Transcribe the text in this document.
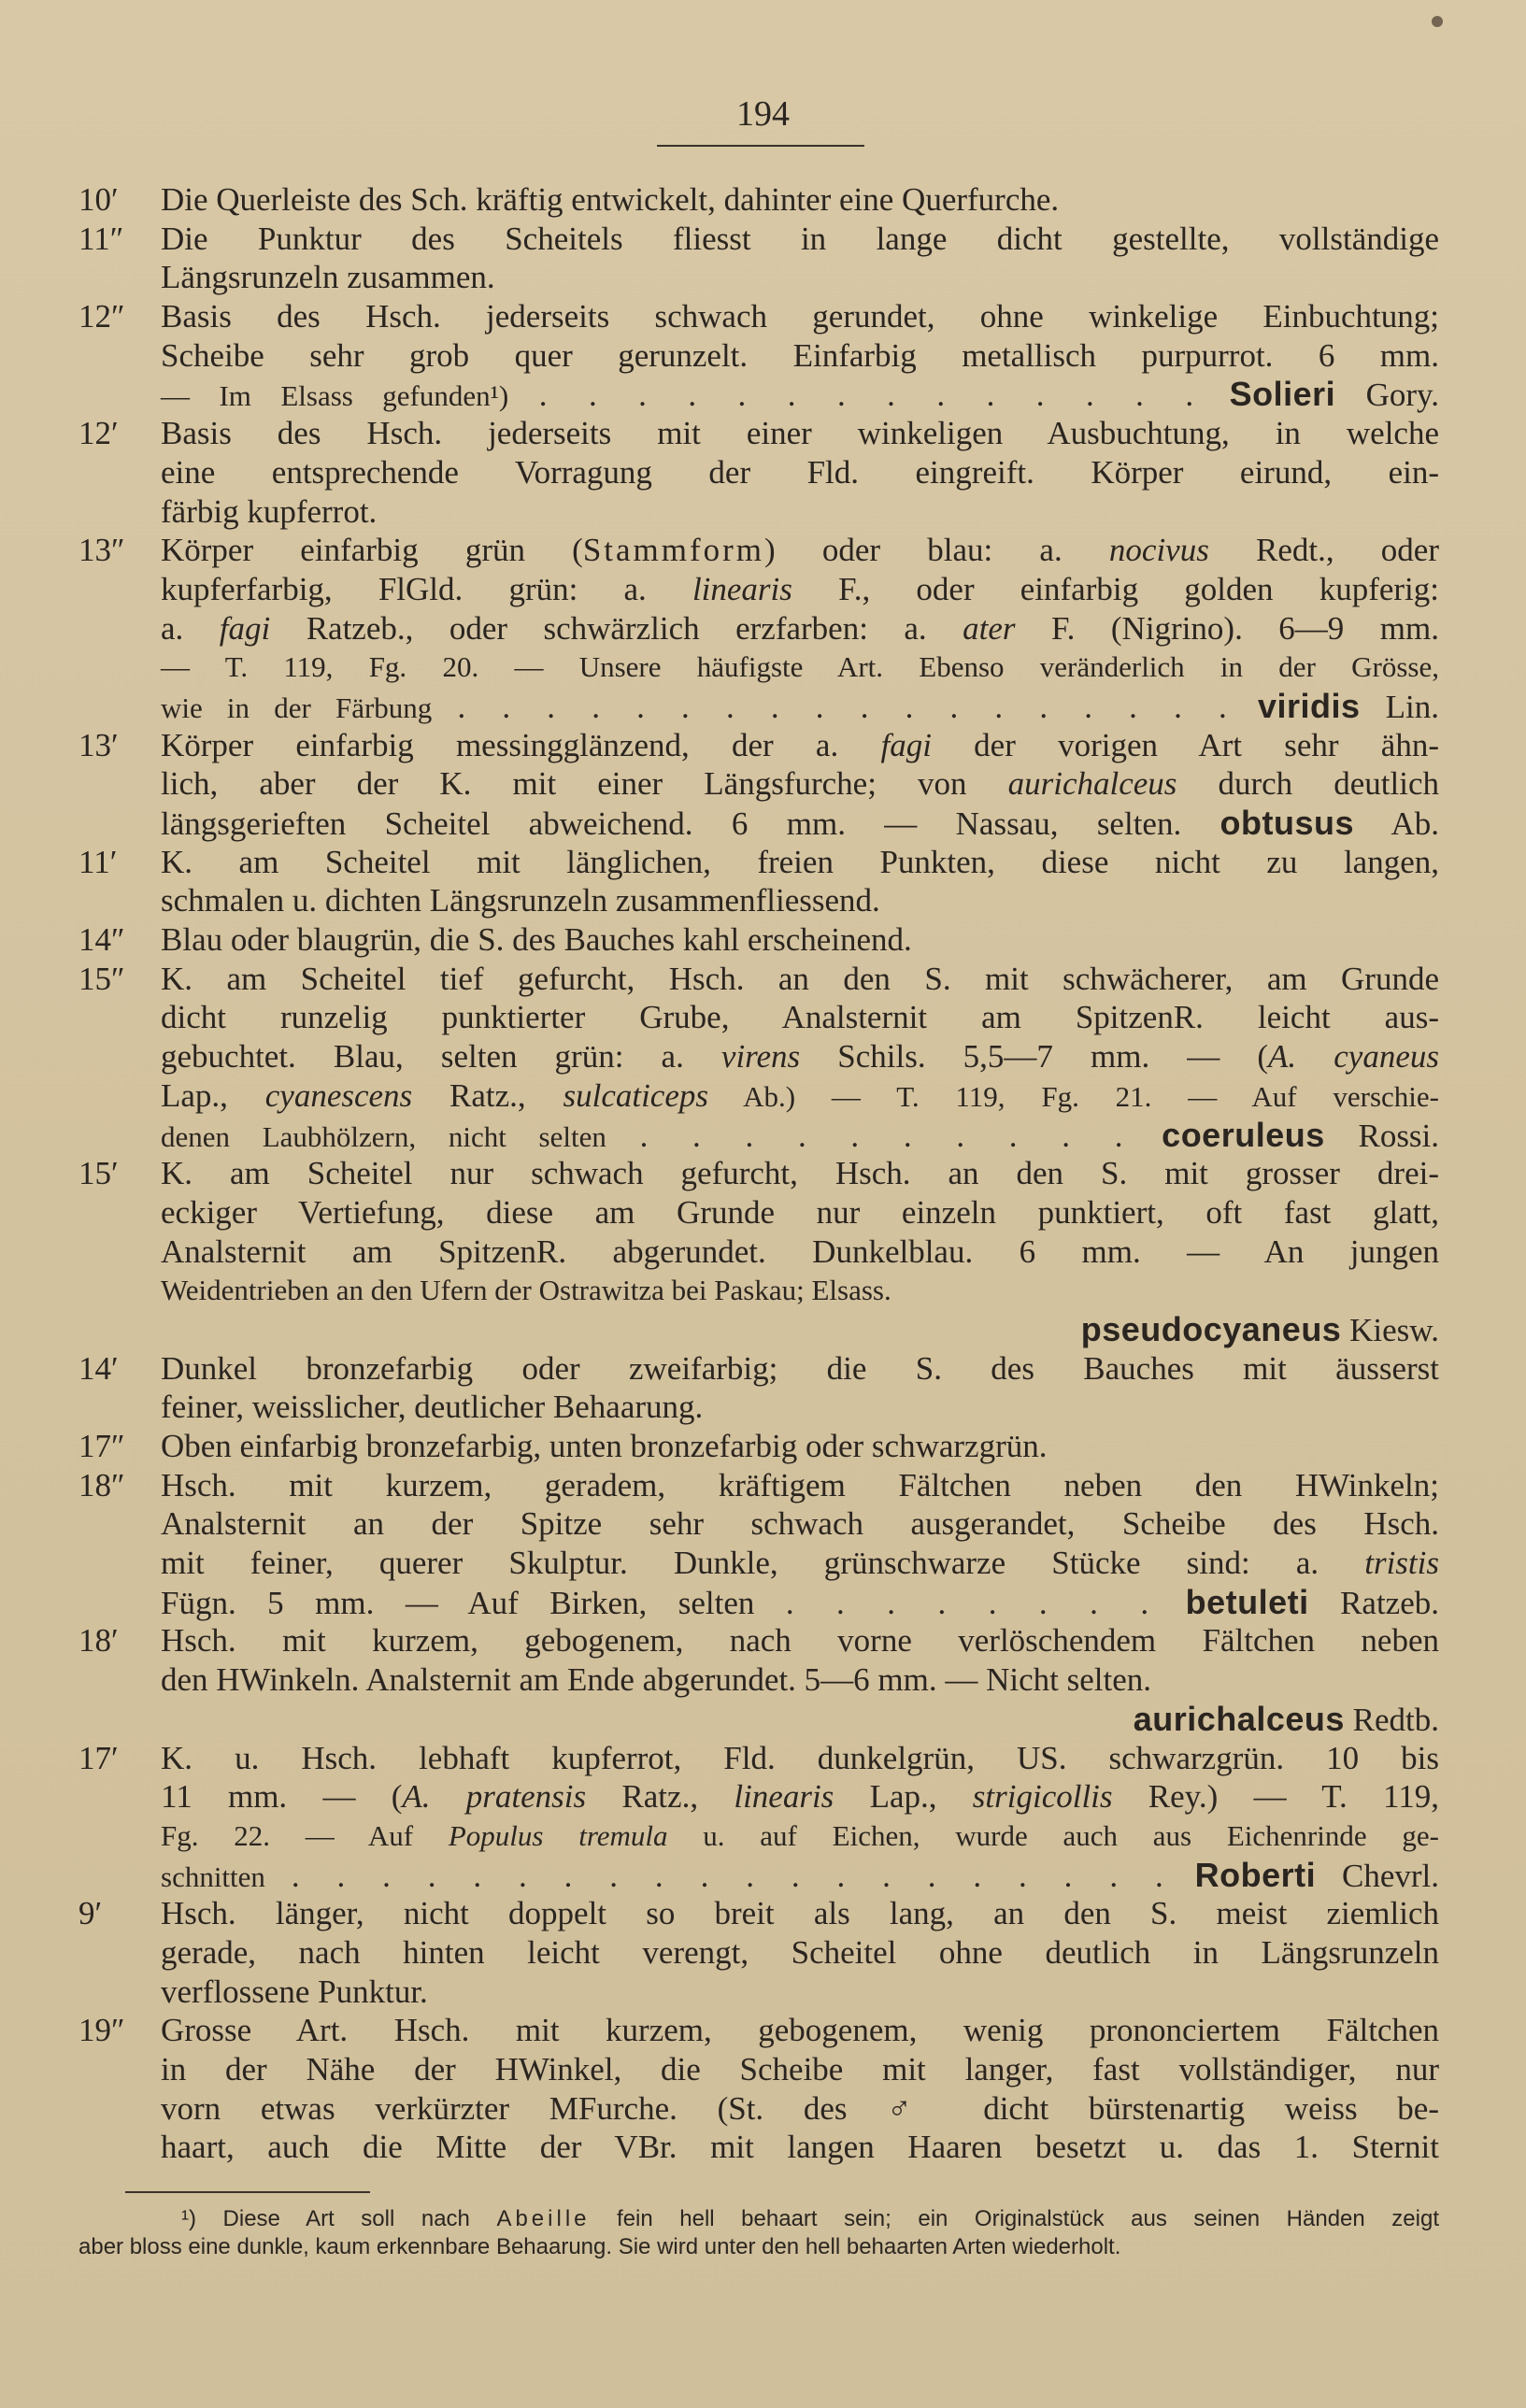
194
10′ Die Querleiste des Sch. kräftig entwickelt, dahinter eine Querfurche.
11″ Die Punktur des Scheitels fliesst in lange dicht gestellte, vollständige
Längsrunzeln zusammen.
12″ Basis des Hsch. jederseits schwach gerundet, ohne winkelige Einbuchtung;
Scheibe sehr grob quer gerunzelt. Einfarbig metallisch purpurrot. 6 mm.
— Im Elsass gefunden¹) . . . . . . . . . . . . . . Solieri Gory.
12′ Basis des Hsch. jederseits mit einer winkeligen Ausbuchtung, in welche
eine entsprechende Vorragung der Fld. eingreift. Körper eirund, ein-
färbig kupferrot.
13″ Körper einfarbig grün (Stammform) oder blau: a. nocivus Redt., oder
kupferfarbig, FlGld. grün: a. linearis F., oder einfarbig golden kupferig:
a. fagi Ratzeb., oder schwärzlich erzfarben: a. ater F. (Nigrino). 6—9 mm.
— T. 119, Fg. 20. — Unsere häufigste Art. Ebenso veränderlich in der Grösse,
wie in der Färbung . . . . . . . . . . . . . . . . . . viridis Lin.
13′ Körper einfarbig messingglänzend, der a. fagi der vorigen Art sehr ähn-
lich, aber der K. mit einer Längsfurche; von aurichalceus durch deutlich
längsgerieften Scheitel abweichend. 6 mm. — Nassau, selten. obtusus Ab.
11′ K. am Scheitel mit länglichen, freien Punkten, diese nicht zu langen,
schmalen u. dichten Längsrunzeln zusammenfliessend.
14″ Blau oder blaugrün, die S. des Bauches kahl erscheinend.
15″ K. am Scheitel tief gefurcht, Hsch. an den S. mit schwächerer, am Grunde
dicht runzelig punktierter Grube, Analsternit am SpitzenR. leicht aus-
gebuchtet. Blau, selten grün: a. virens Schils. 5,5—7 mm. — (A. cyaneus
Lap., cyanescens Ratz., sulcaticeps Ab.) — T. 119, Fg. 21. — Auf verschie-
denen Laubhölzern, nicht selten . . . . . . . . . . coeruleus Rossi.
15′ K. am Scheitel nur schwach gefurcht, Hsch. an den S. mit grosser drei-
eckiger Vertiefung, diese am Grunde nur einzeln punktiert, oft fast glatt,
Analsternit am SpitzenR. abgerundet. Dunkelblau. 6 mm. — An jungen
Weidentrieben an den Ufern der Ostrawitza bei Paskau; Elsass.
pseudocyaneus Kiesw.
14′ Dunkel bronzefarbig oder zweifarbig; die S. des Bauches mit äusserst
feiner, weisslicher, deutlicher Behaarung.
17″ Oben einfarbig bronzefarbig, unten bronzefarbig oder schwarzgrün.
18″ Hsch. mit kurzem, geradem, kräftigem Fältchen neben den HWinkeln;
Analsternit an der Spitze sehr schwach ausgerandet, Scheibe des Hsch.
mit feiner, querer Skulptur. Dunkle, grünschwarze Stücke sind: a. tristis
Fügn. 5 mm. — Auf Birken, selten . . . . . . . . betuleti Ratzeb.
18′ Hsch. mit kurzem, gebogenem, nach vorne verlöschendem Fältchen neben
den HWinkeln. Analsternit am Ende abgerundet. 5—6 mm. — Nicht selten.
aurichalceus Redtb.
17′ K. u. Hsch. lebhaft kupferrot, Fld. dunkelgrün, US. schwarzgrün. 10 bis
11 mm. — (A. pratensis Ratz., linearis Lap., strigicollis Rey.) — T. 119,
Fg. 22. — Auf Populus tremula u. auf Eichen, wurde auch aus Eichenrinde ge-
schnitten . . . . . . . . . . . . . . . . . . . . Roberti Chevrl.
9′ Hsch. länger, nicht doppelt so breit als lang, an den S. meist ziemlich
gerade, nach hinten leicht verengt, Scheitel ohne deutlich in Längsrunzeln
verflossene Punktur.
19″ Grosse Art. Hsch. mit kurzem, gebogenem, wenig prononciertem Fältchen
in der Nähe der HWinkel, die Scheibe mit langer, fast vollständiger, nur
vorn etwas verkürzter MFurche. (St. des ♂ dicht bürstenartig weiss be-
haart, auch die Mitte der VBr. mit langen Haaren besetzt u. das 1. Sternit
¹) Diese Art soll nach Abeille fein hell behaart sein; ein Originalstück aus seinen Händen zeigt
aber bloss eine dunkle, kaum erkennbare Behaarung. Sie wird unter den hell behaarten Arten wiederholt.
